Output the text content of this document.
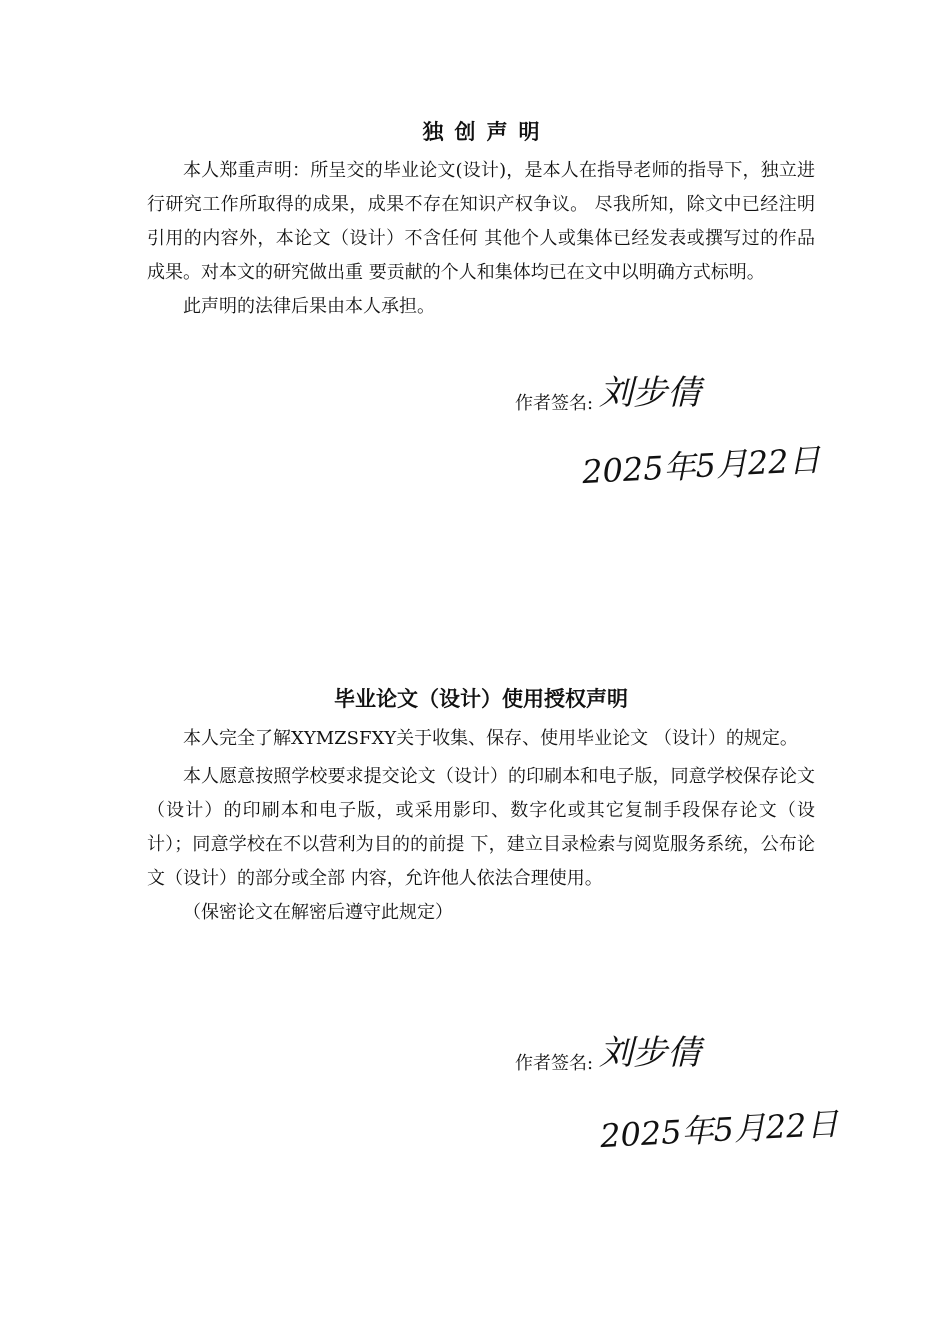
独创声明

本人郑重声明：所呈交的毕业论文(设计)，是本人在指导老师的指导下，独立进行研究工作所取得的成果，成果不存在知识产权争议。 尽我所知，除文中已经注明引用的内容外，本论文（设计）不含任何 其他个人或集体已经发表或撰写过的作品成果。对本文的研究做出重 要贡献的个人和集体均已在文中以明确方式标明。

此声明的法律后果由本人承担。

作者签名: 刘步倩
2025年5月22日
毕业论文（设计）使用授权声明

本人完全了解XYMZSFXY关于收集、保存、使用毕业论文 （设计）的规定。

本人愿意按照学校要求提交论文（设计）的印刷本和电子版，同意学校保存论文（设计）的印刷本和电子版，或采用影印、数字化或其它复制手段保存论文（设计）；同意学校在不以营利为目的的前提 下，建立目录检索与阅览服务系统，公布论文（设计）的部分或全部 内容，允许他人依法合理使用。

（保密论文在解密后遵守此规定）

作者签名: 刘步倩
2025年5月22日
